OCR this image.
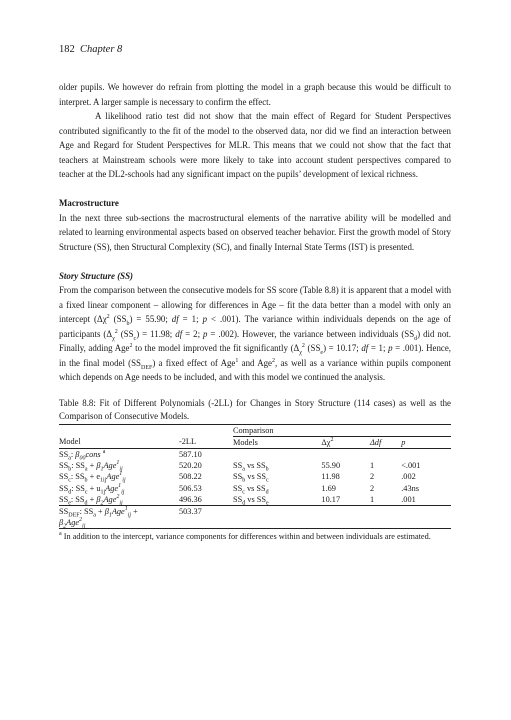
182 Chapter 8

older pupils. We however do refrain from plotting the model in a graph because this would be difficult to interpret. A larger sample is necessary to confirm the effect.

A likelihood ratio test did not show that the main effect of Regard for Student Perspectives contributed significantly to the fit of the model to the observed data, nor did we find an interaction between Age and Regard for Student Perspectives for MLR. This means that we could not show that the fact that teachers at Mainstream schools were more likely to take into account student perspectives compared to teacher at the DL2-schools had any significant impact on the pupils’ development of lexical richness.

Macrostructure

In the next three sub-sections the macrostructural elements of the narrative ability will be modelled and related to learning environmental aspects based on observed teacher behavior. First the growth model of Story Structure (SS), then Structural Complexity (SC), and finally Internal State Terms (IST) is presented.

Story Structure (SS)

From the comparison between the consecutive models for SS score (Table 8.8) it is apparent that a model with a fixed linear component – allowing for differences in Age – fit the data better than a model with only an intercept ($\Delta\chi^2$ $(SS_b) = 55.90$; df = 1; p < .001). The variance within individuals depends on the age of participants ($\Delta_\chi^2$ $(SS_c) = 11.98$; df = 2; p = .002). However, the variance between individuals $(SS_d)$ did not. Finally, adding Age$^2$ to the model improved the fit significantly ($\Delta_\chi^2$ $(SS_e) = 10.17$; df = 1; p = .001). Hence, in the final model $(SS_{DEF})$ a fixed effect of Age$^1$ and Age$^2$, as well as a variance within pupils component which depends on Age needs to be included, and with this model we continued the analysis.

Table 8.8: Fit of Different Polynomials (-2LL) for Changes in Story Structure (114 cases) as well as the Comparison of Consecutive Models.

		Comparison			
Model	-2LL	Models	$\Delta\chi^2$	Δdf	p
$SS_a$: $\beta_{00}cons$ $^a$	587.10				
$SS_b$: $SS_a + \beta_1Age^1_{ij}$	520.20	$SS_a$ vs $SS_b$	55.90	1	<.001
$SS_c$: $SS_b + e_{1ij}Age^1_{ij}$	508.22	$SS_b$ vs $SS_c$	11.98	2	.002
$SS_d$: $SS_c + u_{1j}Age^1_{ij}$	506.53	$SS_c$ vs $SS_d$	1.69	2	.43ns
$SS_e$: $SS_d + \beta_2Age^2_{ij}$	496.36	$SS_d$ vs $SS_e$	10.17	1	.001
$SS_{DEF}$: $SS_a + \beta_1Age^1_{ij}$ +	503.37				
$\beta_2Age^2_{ij}$					

$^a$ In addition to the intercept, variance components for differences within and between individuals are estimated.
